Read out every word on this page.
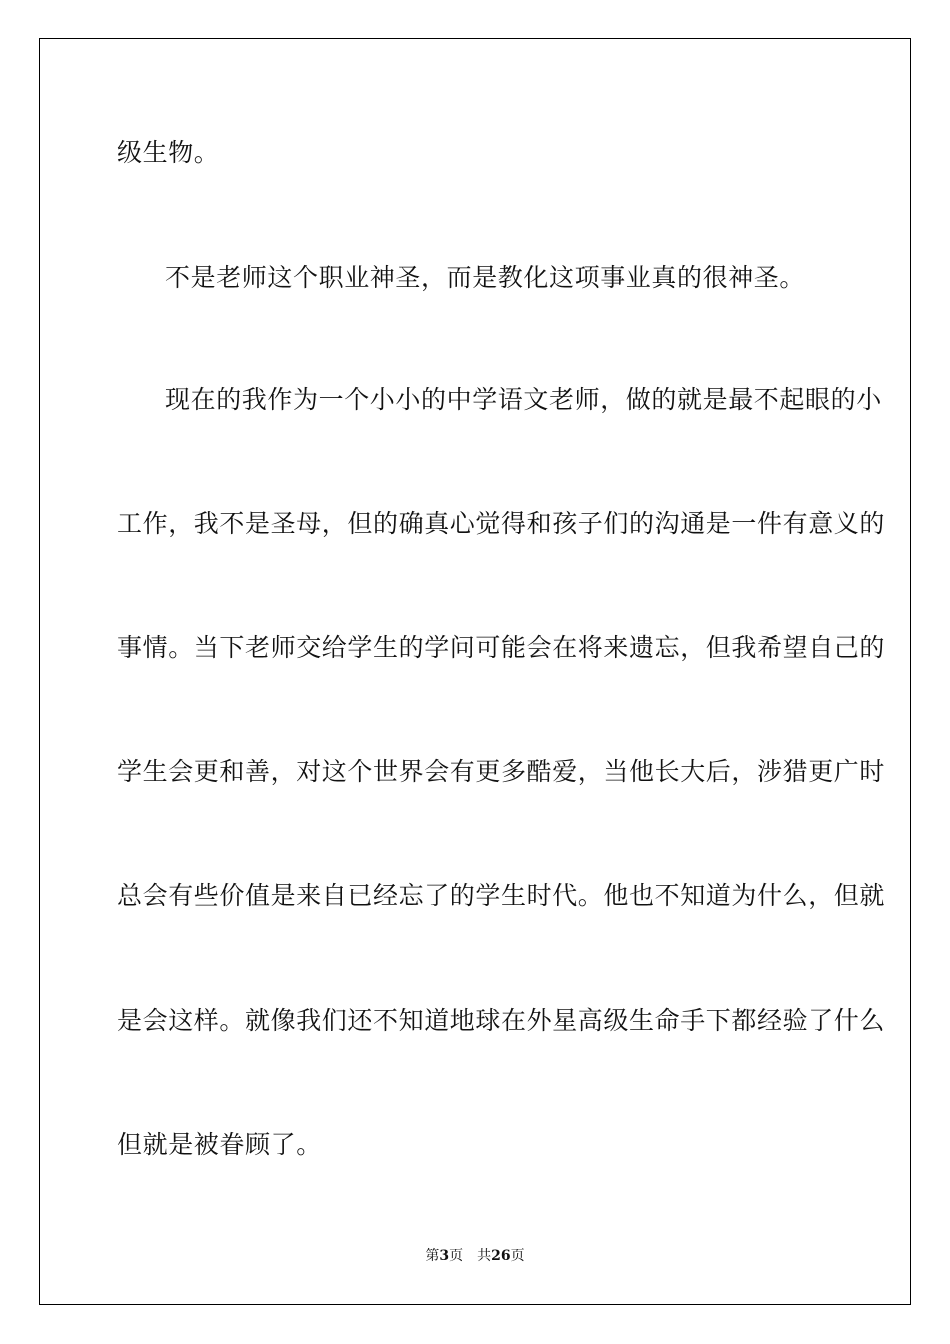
级生物。
不是老师这个职业神圣，而是教化这项事业真的很神圣。
现在的我作为一个小小的中学语文老师，做的就是最不起眼的小
工作，我不是圣母，但的确真心觉得和孩子们的沟通是一件有意义的
事情。当下老师交给学生的学问可能会在将来遗忘，但我希望自己的
学生会更和善，对这个世界会有更多酷爱，当他长大后，涉猎更广时
总会有些价值是来自已经忘了的学生时代。他也不知道为什么，但就
是会这样。就像我们还不知道地球在外星高级生命手下都经验了什么
但就是被眷顾了。
第3页 共26页
